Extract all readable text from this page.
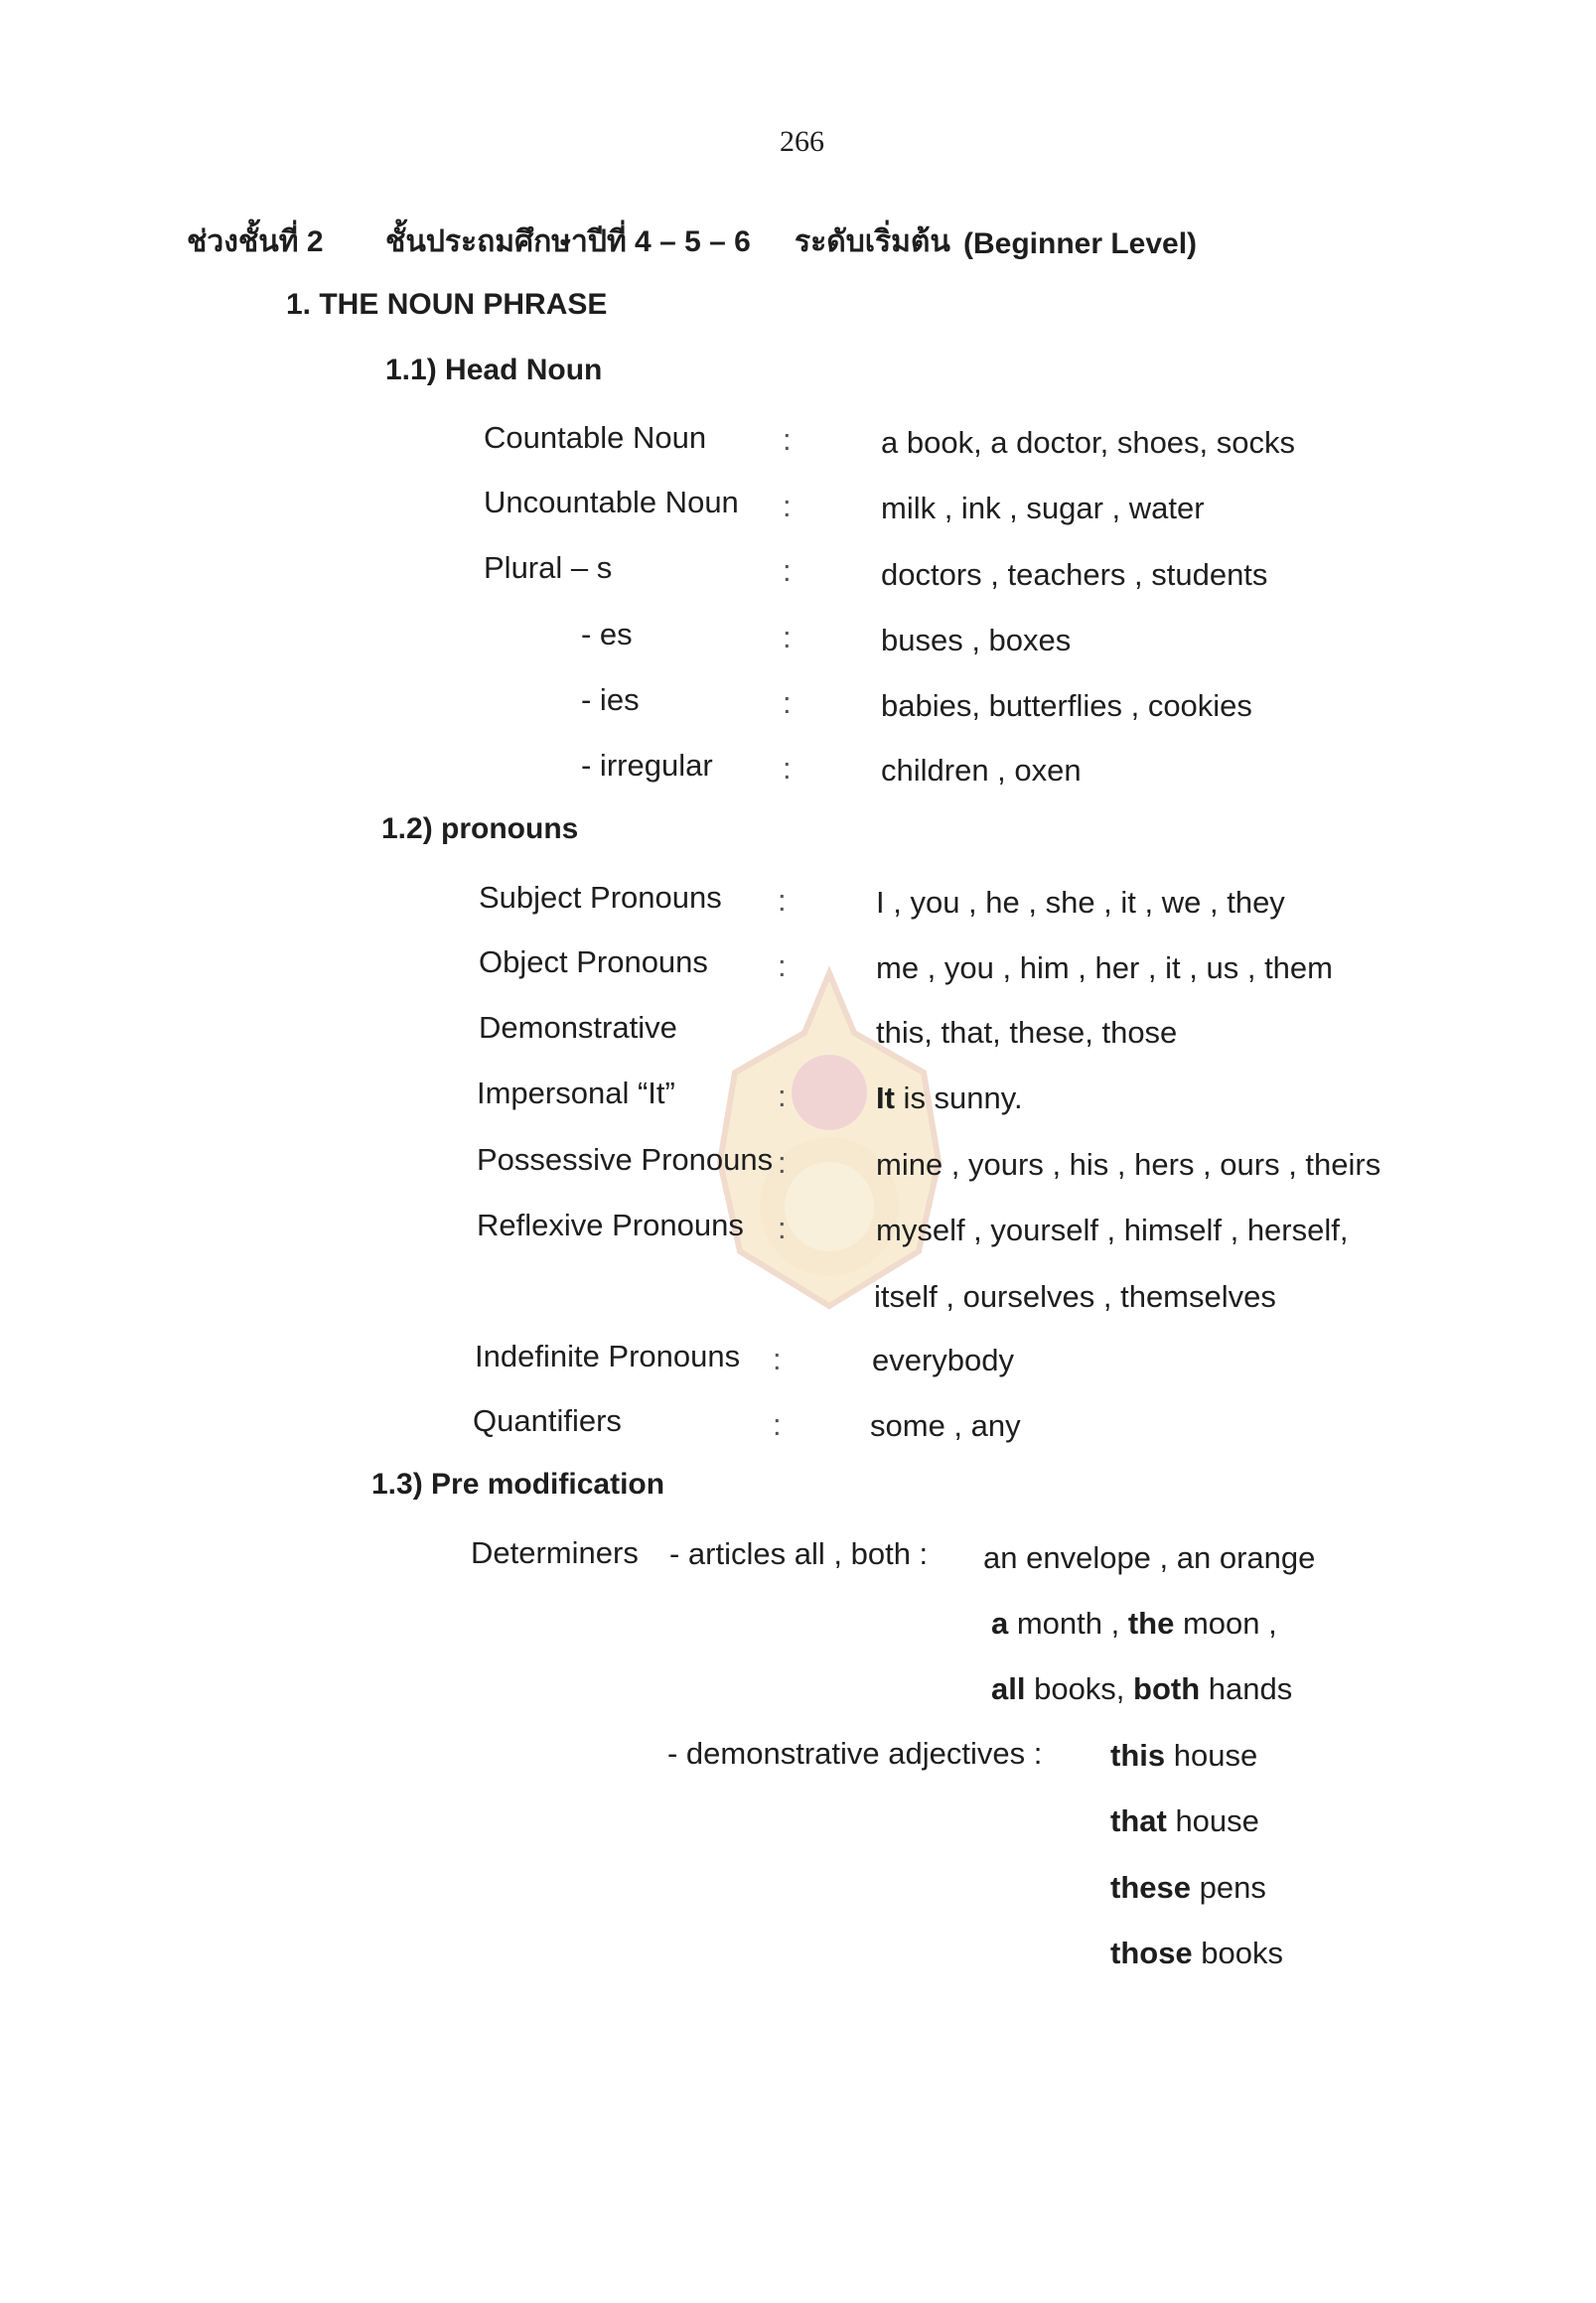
266
ช่วงชั้นที่ 2 ชั้นประถมศึกษาปีที่ 4 – 5 – 6 ระดับเริ่มต้น (Beginner Level)
1. THE NOUN PHRASE
1.1) Head Noun
Countable Noun :	a book, a doctor, shoes, socks
Uncountable Noun :	milk , ink , sugar , water
Plural – s	:	doctors , teachers , students
- es	:	buses , boxes
- ies	:	babies, butterflies , cookies
- irregular :	children , oxen
1.2) pronouns
Subject Pronouns :	I , you , he , she , it , we , they
Object Pronouns :	me , you , him , her , it , us , them
Demonstrative	this, that, these, those
Impersonal “It”	:	It is sunny.
Possessive Pronouns :	mine , yours , his , hers , ours , theirs
Reflexive Pronouns :	myself , yourself , himself , herself,
itself , ourselves , themselves
Indefinite Pronouns :	everybody
Quantifiers	:	some , any
1.3) Pre modification
Determiners - articles all , both : an envelope , an orange
a month , the moon ,
all books, both hands
- demonstrative adjectives : this house
that house
these pens
those books
